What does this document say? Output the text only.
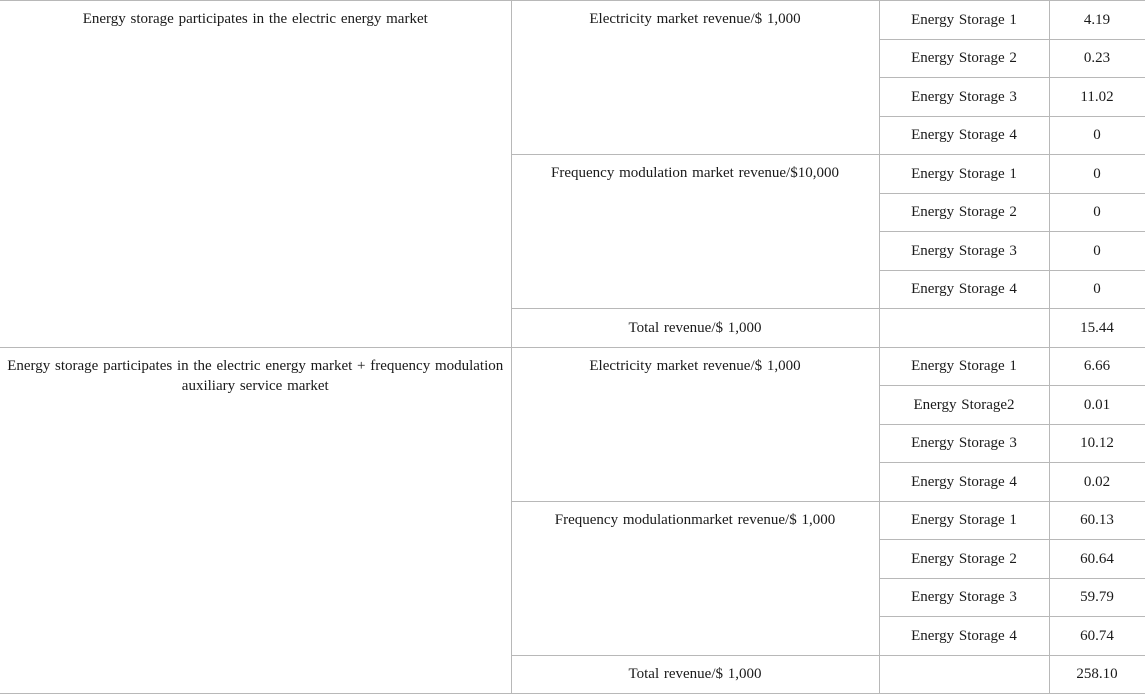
Energy storage participates in the electric energy market	Electricity market revenue/$ 1,000	Energy Storage 1	4.19
		Energy Storage 2	0.23
		Energy Storage 3	11.02
		Energy Storage 4	0
	Frequency modulation market revenue/$10,000	Energy Storage 1	0
		Energy Storage 2	0
		Energy Storage 3	0
		Energy Storage 4	0
	Total revenue/$ 1,000		15.44
Energy storage participates in the electric energy market + frequency modulation auxiliary service market	Electricity market revenue/$ 1,000	Energy Storage 1	6.66
		Energy Storage2	0.01
		Energy Storage 3	10.12
		Energy Storage 4	0.02
	Frequency modulationmarket revenue/$ 1,000	Energy Storage 1	60.13
		Energy Storage 2	60.64
		Energy Storage 3	59.79
		Energy Storage 4	60.74
	Total revenue/$ 1,000		258.10
